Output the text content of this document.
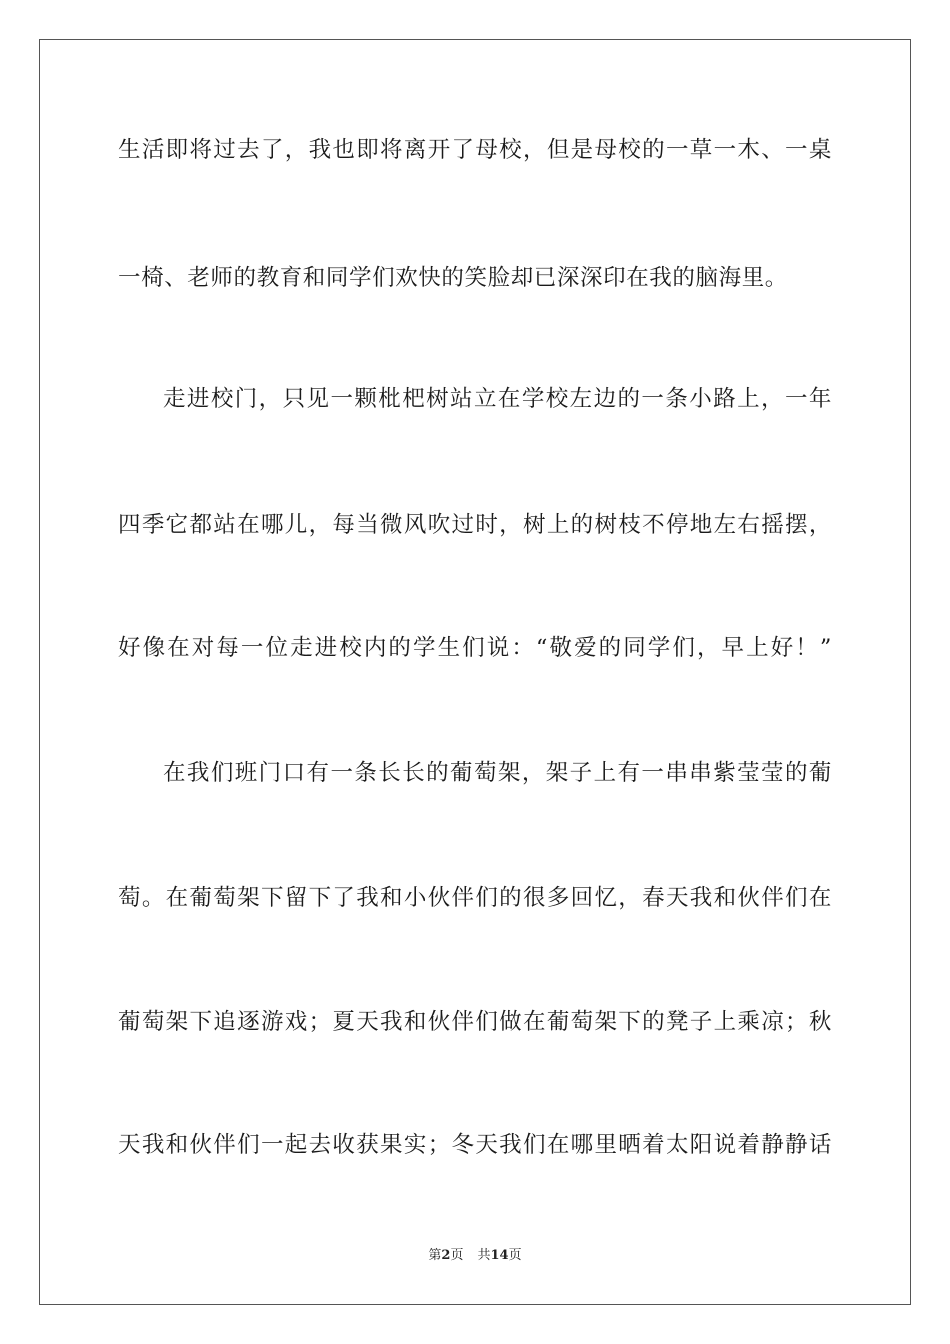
生活即将过去了，我也即将离开了母校，但是母校的一草一木、一桌
一椅、老师的教育和同学们欢快的笑脸却已深深印在我的脑海里。
走进校门，只见一颗枇杷树站立在学校左边的一条小路上，一年
四季它都站在哪儿，每当微风吹过时，树上的树枝不停地左右摇摆，
好像在对每一位走进校内的学生们说：“敬爱的同学们，早上好！”
在我们班门口有一条长长的葡萄架，架子上有一串串紫莹莹的葡
萄。在葡萄架下留下了我和小伙伴们的很多回忆，春天我和伙伴们在
葡萄架下追逐游戏；夏天我和伙伴们做在葡萄架下的凳子上乘凉；秋
天我和伙伴们一起去收获果实；冬天我们在哪里晒着太阳说着静静话
第2页 共14页
